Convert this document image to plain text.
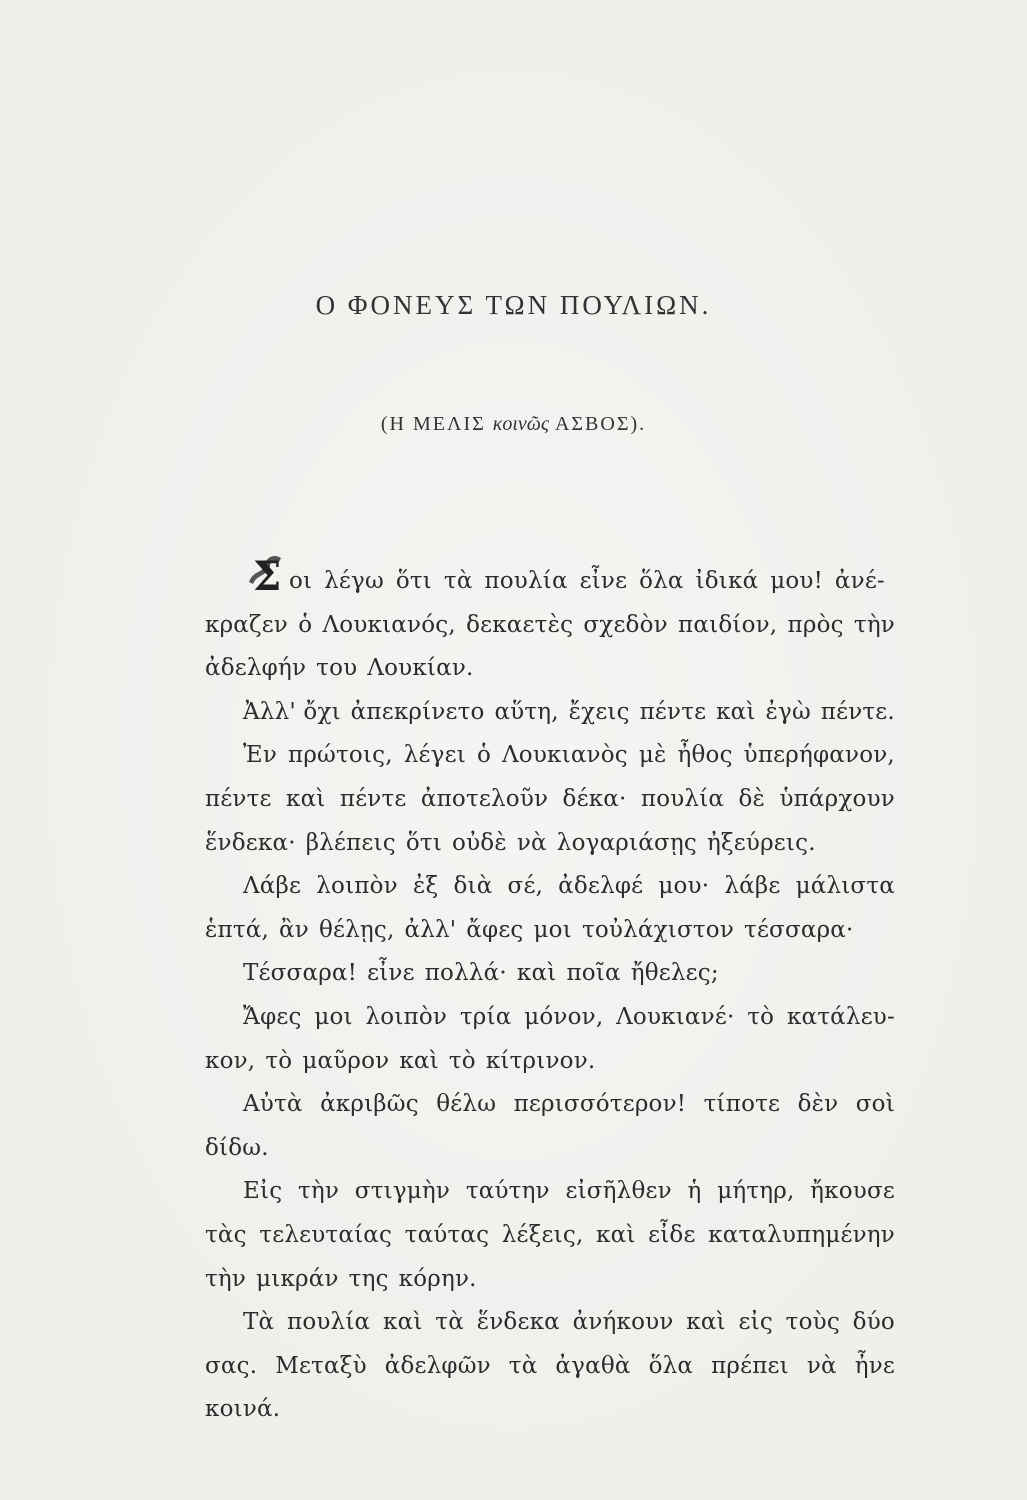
Ο ΦΟΝΕΥΣ ΤΩΝ ΠΟΥΛΙΩΝ.
(Η ΜΕΛΙΣ κοινῶς ΑΣΒΟΣ).
Σ οι λέγω ὅτι τὰ πουλία εἶνε ὅλα ἰδικά μου! ἀνέ-
κραζεν ὁ Λουκιανός, δεκαετὲς σχεδὸν παιδίον, πρὸς τὴν
ἀδελφήν του Λουκίαν.
Ἀλλ' ὄχι ἀπεκρίνετο αὕτη, ἔχεις πέντε καὶ ἐγὼ πέντε.
Ἐν πρώτοις, λέγει ὁ Λουκιανὸς μὲ ἦθος ὑπερήφανον,
πέντε καὶ πέντε ἀποτελοῦν δέκα· πουλία δὲ ὑπάρχουν
ἕνδεκα· βλέπεις ὅτι οὐδὲ νὰ λογαριάσῃς ἠξεύρεις.
Λάβε λοιπὸν ἐξ διὰ σέ, ἀδελφέ μου· λάβε μάλιστα
ἑπτά, ἂν θέλῃς, ἀλλ' ἄφες μοι τοὐλάχιστον τέσσαρα·
Τέσσαρα! εἶνε πολλά· καὶ ποῖα ἤθελες;
Ἄφες μοι λοιπὸν τρία μόνον, Λουκιανέ· τὸ κατάλευ-
κον, τὸ μαῦρον καὶ τὸ κίτρινον.
Αὐτὰ ἀκριβῶς θέλω περισσότερον! τίποτε δὲν σοὶ
δίδω.
Εἰς τὴν στιγμὴν ταύτην εἰσῆλθεν ἡ μήτηρ, ἤκουσε
τὰς τελευταίας ταύτας λέξεις, καὶ εἶδε καταλυπημένην
τὴν μικράν της κόρην.
Τὰ πουλία καὶ τὰ ἕνδεκα ἀνήκουν καὶ εἰς τοὺς δύο
σας. Μεταξὺ ἀδελφῶν τὰ ἀγαθὰ ὅλα πρέπει νὰ ἦνε
κοινά.
